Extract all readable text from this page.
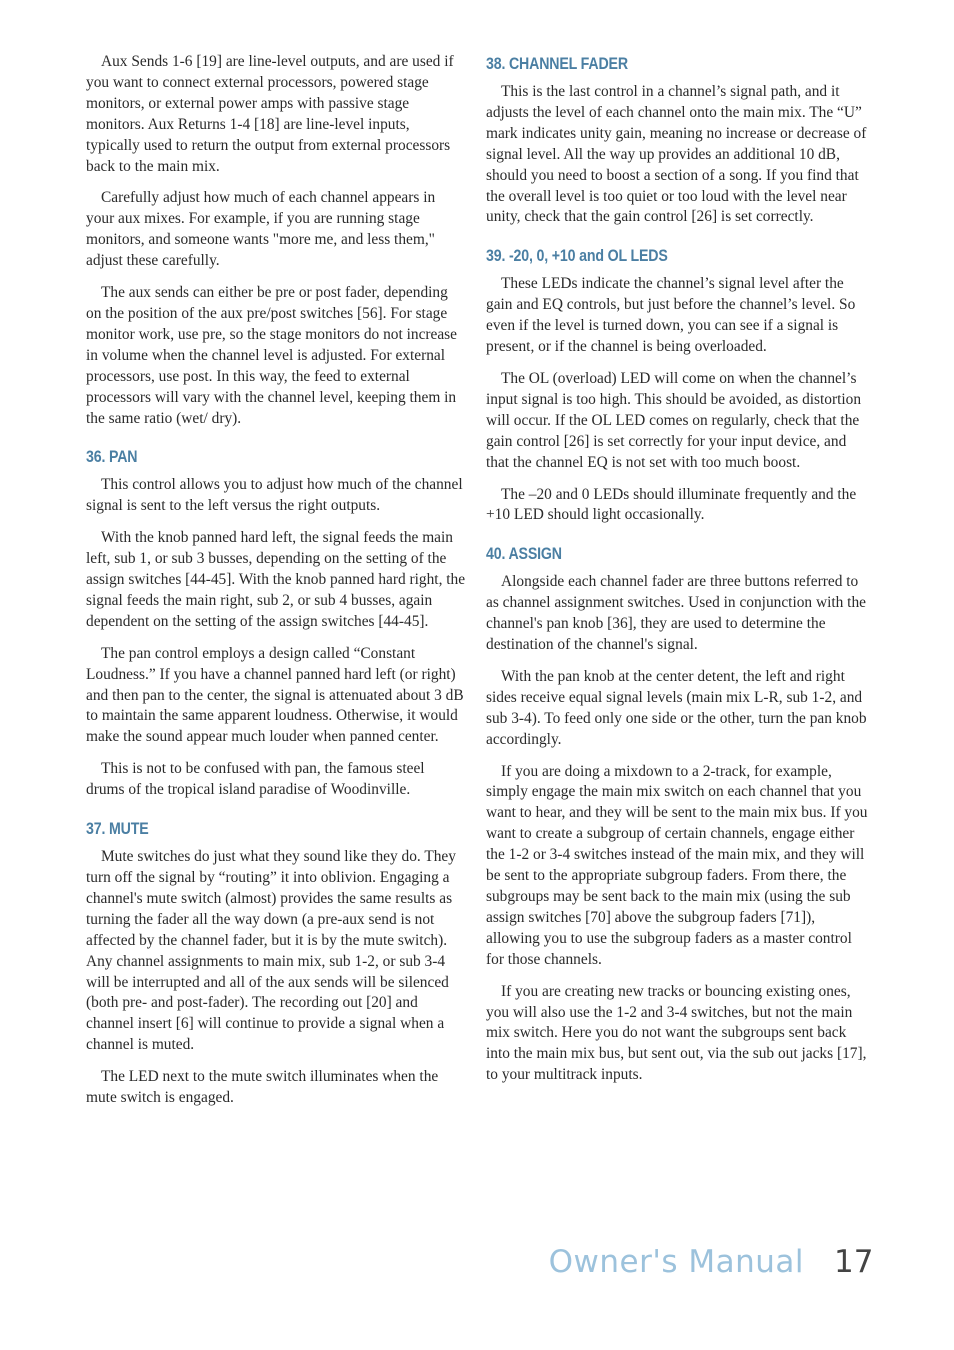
Aux Sends 1-6 [19] are line-level outputs, and are used if you want to connect external processors, powered stage monitors, or external power amps with passive stage monitors. Aux Returns 1-4 [18] are line-level inputs, typically used to return the output from external processors back to the main mix.

Carefully adjust how much of each channel appears in your aux mixes. For example, if you are running stage monitors, and someone wants "more me, and less them," adjust these carefully.

The aux sends can either be pre or post fader, depending on the position of the aux pre/post switches [56]. For stage monitor work, use pre, so the stage monitors do not increase in volume when the channel level is adjusted. For external processors, use post. In this way, the feed to external processors will vary with the channel level, keeping them in the same ratio (wet/ dry).

36. PAN

This control allows you to adjust how much of the channel signal is sent to the left versus the right outputs.

With the knob panned hard left, the signal feeds the main left, sub 1, or sub 3 busses, depending on the setting of the assign switches [44-45]. With the knob panned hard right, the signal feeds the main right, sub 2, or sub 4 busses, again dependent on the setting of the assign switches [44-45].

The pan control employs a design called “Constant Loudness.” If you have a channel panned hard left (or right) and then pan to the center, the signal is attenuated about 3 dB to maintain the same apparent loudness. Otherwise, it would make the sound appear much louder when panned center.

This is not to be confused with pan, the famous steel drums of the tropical island paradise of Woodinville.

37. MUTE

Mute switches do just what they sound like they do. They turn off the signal by “routing” it into oblivion. Engaging a channel's mute switch (almost) provides the same results as turning the fader all the way down (a pre-aux send is not affected by the channel fader, but it is by the mute switch). Any channel assignments to main mix, sub 1-2, or sub 3-4 will be interrupted and all of the aux sends will be silenced (both pre- and post-fader). The recording out [20] and channel insert [6] will continue to provide a signal when a channel is muted.

The LED next to the mute switch illuminates when the mute switch is engaged.

38. CHANNEL FADER

This is the last control in a channel’s signal path, and it adjusts the level of each channel onto the main mix. The “U” mark indicates unity gain, meaning no increase or decrease of signal level. All the way up provides an additional 10 dB, should you need to boost a section of a song. If you find that the overall level is too quiet or too loud with the level near unity, check that the gain control [26] is set correctly.

39. -20, 0, +10 and OL LEDS

These LEDs indicate the channel’s signal level after the gain and EQ controls, but just before the channel’s level. So even if the level is turned down, you can see if a signal is present, or if the channel is being overloaded.

The OL (overload) LED will come on when the channel’s input signal is too high. This should be avoided, as distortion will occur. If the OL LED comes on regularly, check that the gain control [26] is set correctly for your input device, and that the channel EQ is not set with too much boost.

The –20 and 0 LEDs should illuminate frequently and the +10 LED should light occasionally.

40. ASSIGN

Alongside each channel fader are three buttons referred to as channel assignment switches. Used in conjunction with the channel's pan knob [36], they are used to determine the destination of the channel's signal.

With the pan knob at the center detent, the left and right sides receive equal signal levels (main mix L-R, sub 1-2, and sub 3-4). To feed only one side or the other, turn the pan knob accordingly.

If you are doing a mixdown to a 2-track, for example, simply engage the main mix switch on each channel that you want to hear, and they will be sent to the main mix bus. If you want to create a subgroup of certain channels, engage either the 1-2 or 3-4 switches instead of the main mix, and they will be sent to the appropriate subgroup faders. From there, the subgroups may be sent back to the main mix (using the sub assign switches [70] above the subgroup faders [71]), allowing you to use the subgroup faders as a master control for those channels.

If you are creating new tracks or bouncing existing ones, you will also use the 1-2 and 3-4 switches, but not the main mix switch. Here you do not want the subgroups sent back into the main mix bus, but sent out, via the sub out jacks [17], to your multitrack inputs.

Owner's Manual 17
